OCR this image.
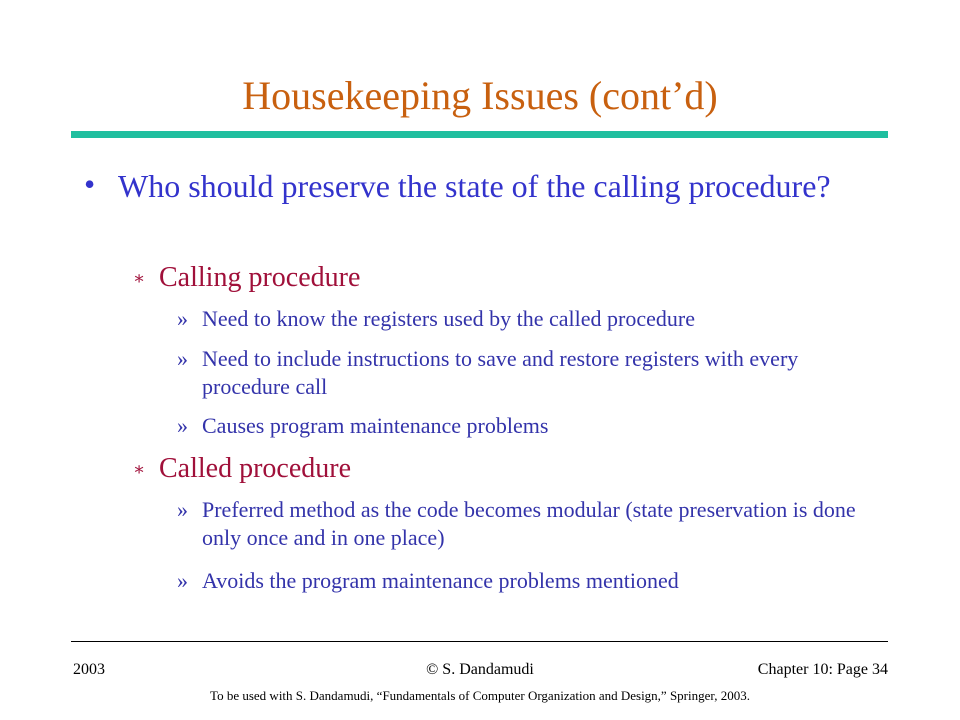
Housekeeping Issues (cont’d)
• Who should preserve the state of the calling procedure?
∗ Calling procedure
» Need to know the registers used by the called procedure
» Need to include instructions to save and restore registers with every procedure call
» Causes program maintenance problems
∗ Called procedure
» Preferred method as the code becomes modular (state preservation is done only once and in one place)
» Avoids the program maintenance problems mentioned
2003	© S. Dandamudi	Chapter 10: Page 34
To be used with S. Dandamudi, “Fundamentals of Computer Organization and Design,” Springer, 2003.
